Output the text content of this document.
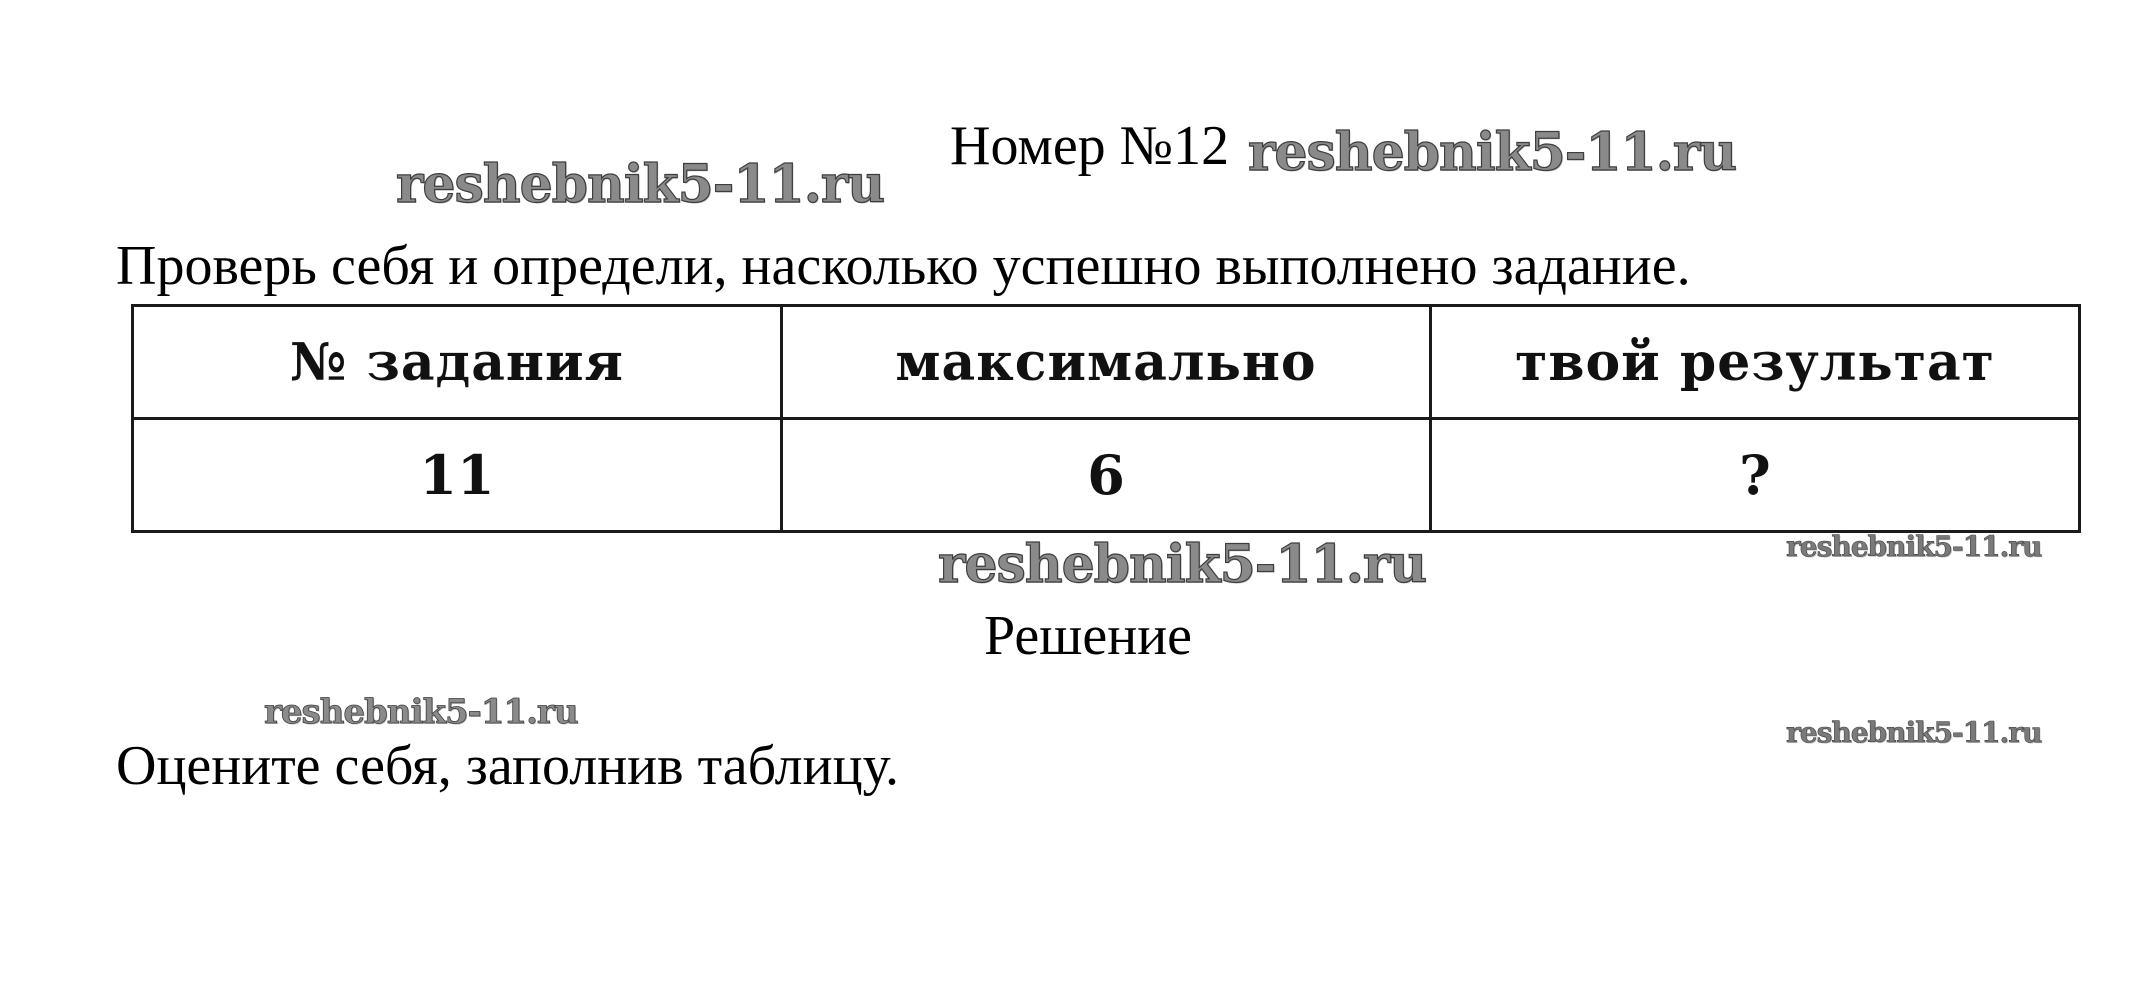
Номер №12
reshebnik5-11.ru
reshebnik5-11.ru
Проверь себя и определи, насколько успешно выполнено задание.
№ задания	максимально	твой результат
11	6	?
reshebnik5-11.ru	reshebnik5-11.ru
Решение
reshebnik5-11.ru
reshebnik5-11.ru
Оцените себя, заполнив таблицу.
